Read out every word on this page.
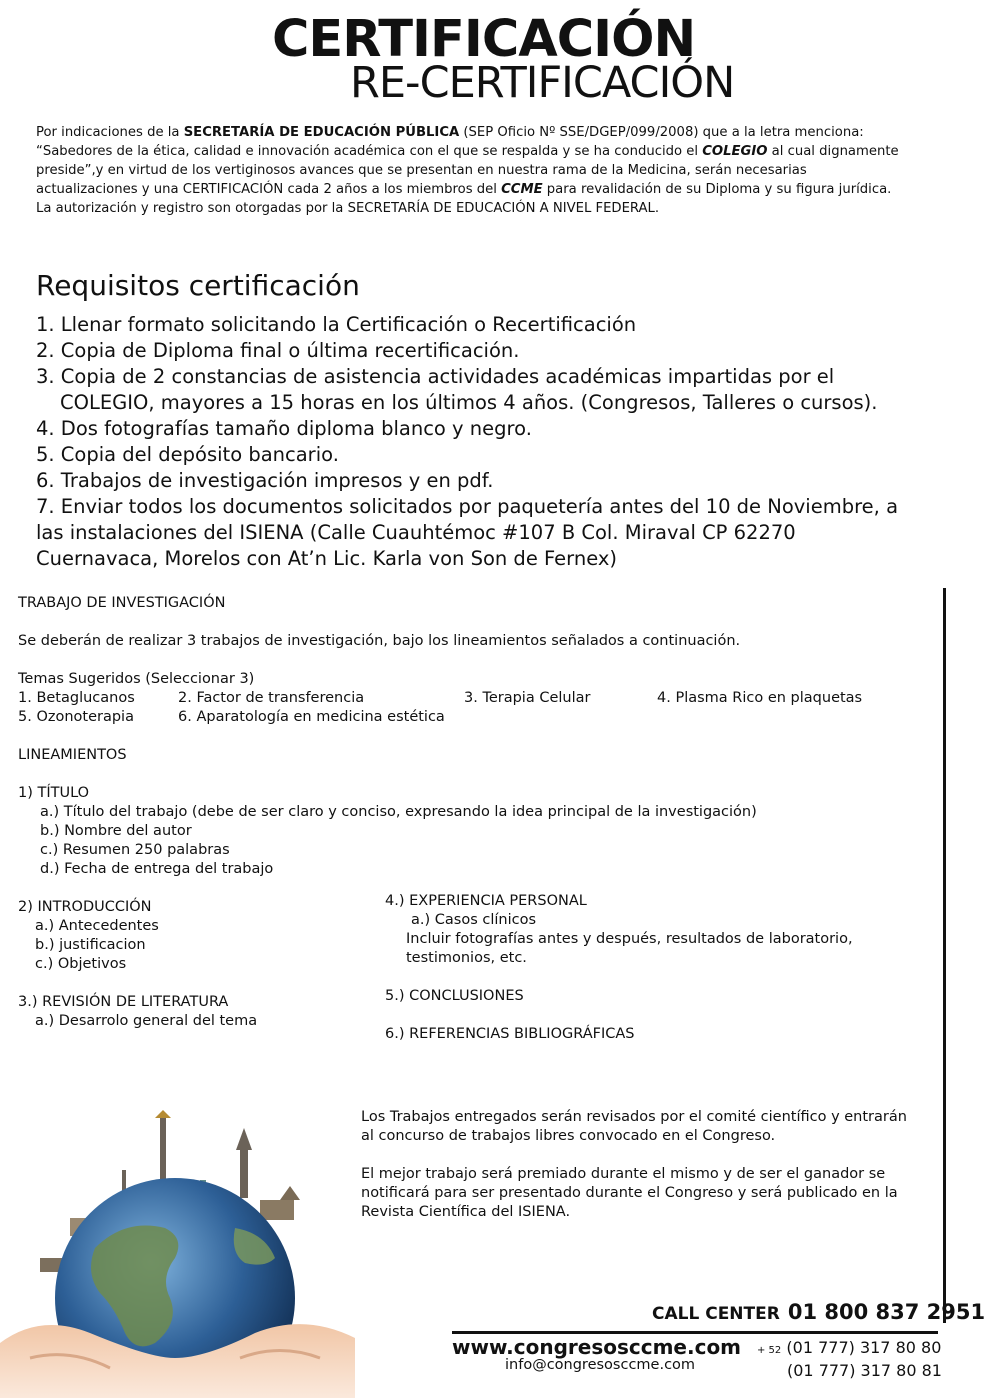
CERTIFICACIÓN
RE-CERTIFICACIÓN

Por indicaciones de la SECRETARÍA DE EDUCACIÓN PÚBLICA (SEP Oficio Nº SSE/DGEP/099/2008) que a la letra menciona: “Sabedores de la ética, calidad e innovación académica con el que se respalda y se ha conducido el COLEGIO al cual dignamente preside”,y en virtud de los vertiginosos avances que se presentan en nuestra rama de la Medicina, serán necesarias actualizaciones y una CERTIFICACIÓN cada 2 años a los miembros del CCME para revalidación de su Diploma y su figura jurídica.

La autorización y registro son otorgadas por la SECRETARÍA DE EDUCACIÓN A NIVEL FEDERAL.

Requisitos certificación
1. Llenar formato solicitando la Certificación o Recertificación
2. Copia de Diploma final o última recertificación.
3. Copia de 2 constancias de asistencia actividades académicas impartidas por el
COLEGIO, mayores a 15 horas en los últimos 4 años. (Congresos, Talleres o cursos).
4. Dos fotografías tamaño diploma blanco y negro.
5. Copia del depósito bancario.
6. Trabajos de investigación impresos y en pdf.
7. Enviar todos los documentos solicitados por paquetería antes del 10 de Noviembre, a las instalaciones del ISIENA (Calle Cuauhtémoc #107 B Col. Miraval CP 62270 Cuernavaca, Morelos con At’n Lic. Karla von Son de Fernex)
TRABAJO DE INVESTIGACIÓN
Se deberán de realizar 3 trabajos de investigación, bajo los lineamientos señalados a continuación.
Temas Sugeridos (Seleccionar 3)
1. Betaglucanos	2. Factor de transferencia	3. Terapia Celular	4. Plasma Rico en plaquetas
5. Ozonoterapia	6. Aparatología en medicina estética
LINEAMIENTOS
1) TÍTULO
a.) Título del trabajo (debe de ser claro y conciso, expresando la idea principal de la investigación)
b.) Nombre del autor
c.) Resumen 250 palabras
d.) Fecha de entrega del trabajo
2) INTRODUCCIÓN
a.) Antecedentes
b.) justificacion
c.) Objetivos
3.) REVISIÓN DE LITERATURA
a.) Desarrolo general del tema
4.) EXPERIENCIA PERSONAL
a.) Casos clínicos
Incluir fotografías antes y después, resultados de laboratorio,
testimonios, etc.
5.) CONCLUSIONES
6.) REFERENCIAS BIBLIOGRÁFICAS
Los Trabajos entregados serán revisados por el comité científico y entrarán al concurso de trabajos libres convocado en el Congreso.
El mejor trabajo será premiado durante el mismo y de ser el ganador se notificará para ser presentado durante el Congreso y será publicado en la Revista Científica del ISIENA.
CALL CENTER 01 800 837 2951
www.congresosccme.com
info@congresosccme.com
+ 52 (01 777) 317 80 80
(01 777) 317 80 81
